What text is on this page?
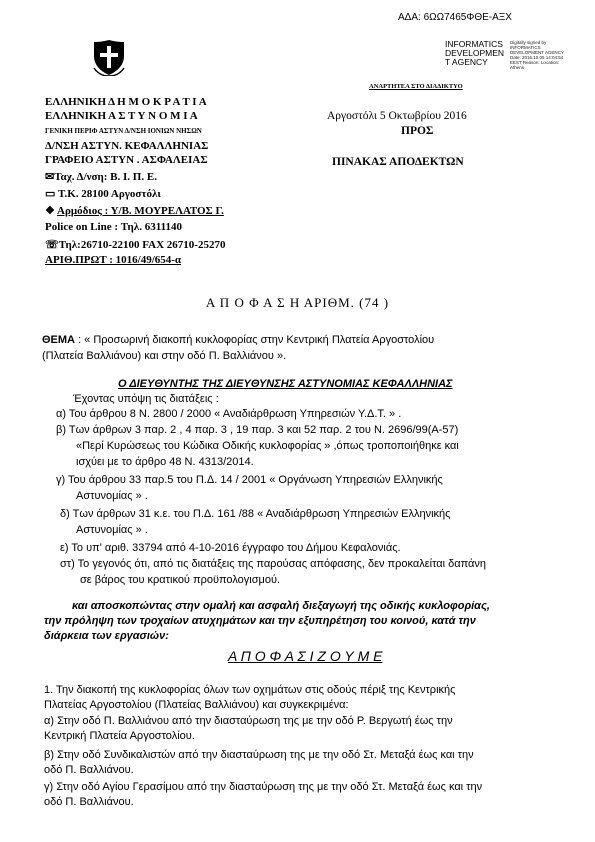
ΑΔΑ: 6ΩΩ7465ΦΘΕ-ΑΞΧ
INFORMATICS
DEVELOPMEN
T AGENCY
Digitally signed by INFORMATICS DEVELOPMENT AGENCY Date: 2016.10.05 14:04:54 EEST Reason: Location: Athens
ΑΝΑΡΤΗΤΕΑ ΣΤΟ ΔΙΑΔΙΚΤΥΟ
ΕΛΛΗΝΙΚΗ Δ Η Μ Ο Κ Ρ Α Τ Ι Α
ΕΛΛΗΝΙΚΗ Α Σ Τ Υ Ν Ο Μ Ι Α
ΓΕΝΙΚΗ ΠΕΡΙΦ ΑΣΤΥΝ Δ/ΝΣΗ ΙΟΝΙΩΝ ΝΗΣΩΝ
Δ/ΝΣΗ ΑΣΤΥΝ. ΚΕΦΑΛΛΗΝΙΑΣ
ΓΡΑΦΕΙΟ ΑΣΤΥΝ . ΑΣΦΑΛΕΙΑΣ
✉Ταχ. Δ/νση: Β. Ι. Π. Ε.
▭ Τ.Κ. 28100 Αργοστόλι
❖ Αρμόδιος : Υ/Β. ΜΟΥΡΕΛΑΤΟΣ Γ.
Police on Line : Τηλ. 6311140
☏Τηλ:26710-22100 FAX 26710-25270
ΑΡΙΘ.ΠΡΩΤ : 1016/49/654-α
Αργοστόλι 5 Οκτωβρίου 2016
ΠΡΟΣ
ΠΙΝΑΚΑΣ ΑΠΟΔΕΚΤΩΝ
Α Π Ο Φ Α Σ Η ΑΡΙΘΜ. (74 )
ΘΕΜΑ : « Προσωρινή διακοπή κυκλοφορίας στην Κεντρική Πλατεία Αργοστολίου
(Πλατεία Βαλλιάνου) και στην οδό Π. Βαλλιάνου ».
Ο ΔΙΕΥΘΥΝΤΗΣ ΤΗΣ ΔΙΕΥΘΥΝΣΗΣ ΑΣΤΥΝΟΜΙΑΣ ΚΕΦΑΛΛΗΝΙΑΣ
Έχοντας υπόψη τις διατάξεις :
α) Του άρθρου 8 Ν. 2800 / 2000 « Αναδιάρθρωση Υπηρεσιών Υ.Δ.Τ. » .
β) Των άρθρων 3 παρ. 2 , 4 παρ. 3 , 19 παρ. 3 και 52 παρ. 2 του Ν. 2696/99(Α-57)
«Περί Κυρώσεως του Κώδικα Οδικής κυκλοφορίας » ,όπως τροποποιήθηκε και
ισχύει με το άρθρο 48 Ν. 4313/2014.
γ) Του άρθρου 33 παρ.5 του Π.Δ. 14 / 2001 « Οργάνωση Υπηρεσιών Ελληνικής
Αστυνομίας » .
δ) Των άρθρων 31 κ.ε. του Π.Δ. 161 /88 « Αναδιάρθρωση Υπηρεσιών Ελληνικής
Αστυνομίας » .
ε) Το υπ' αριθ. 33794 από 4-10-2016 έγγραφο του Δήμου Κεφαλονιάς.
στ) Το γεγονός ότι, από τις διατάξεις της παρούσας απόφασης, δεν προκαλείται δαπάνη
σε βάρος του κρατικού προϋπολογισμού.
και αποσκοπώντας στην ομαλή και ασφαλή διεξαγωγή της οδικής κυκλοφορίας,
την πρόληψη των τροχαίων ατυχημάτων και την εξυπηρέτηση του κοινού, κατά την
διάρκεια των εργασιών:
Α Π Ο Φ Α Σ Ι Ζ Ο Υ Μ Ε
1. Την διακοπή της κυκλοφορίας όλων των οχημάτων στις οδούς πέριξ της Κεντρικής
Πλατείας Αργοστολίου (Πλατείας Βαλλιάνου) και συγκεκριμένα:
α) Στην οδό Π. Βαλλιάνου από την διασταύρωση της με την οδό Ρ. Βεργωτή έως την
Κεντρική Πλατεία Αργοστολίου.
β) Στην οδό Συνδικαλιστών από την διασταύρωση της με την οδό Στ. Μεταξά έως και την
οδό Π. Βαλλιάνου.
γ) Στην οδό Αγίου Γερασίμου από την διασταύρωση της με την οδό Στ. Μεταξά έως και την
οδό Π. Βαλλιάνου.
